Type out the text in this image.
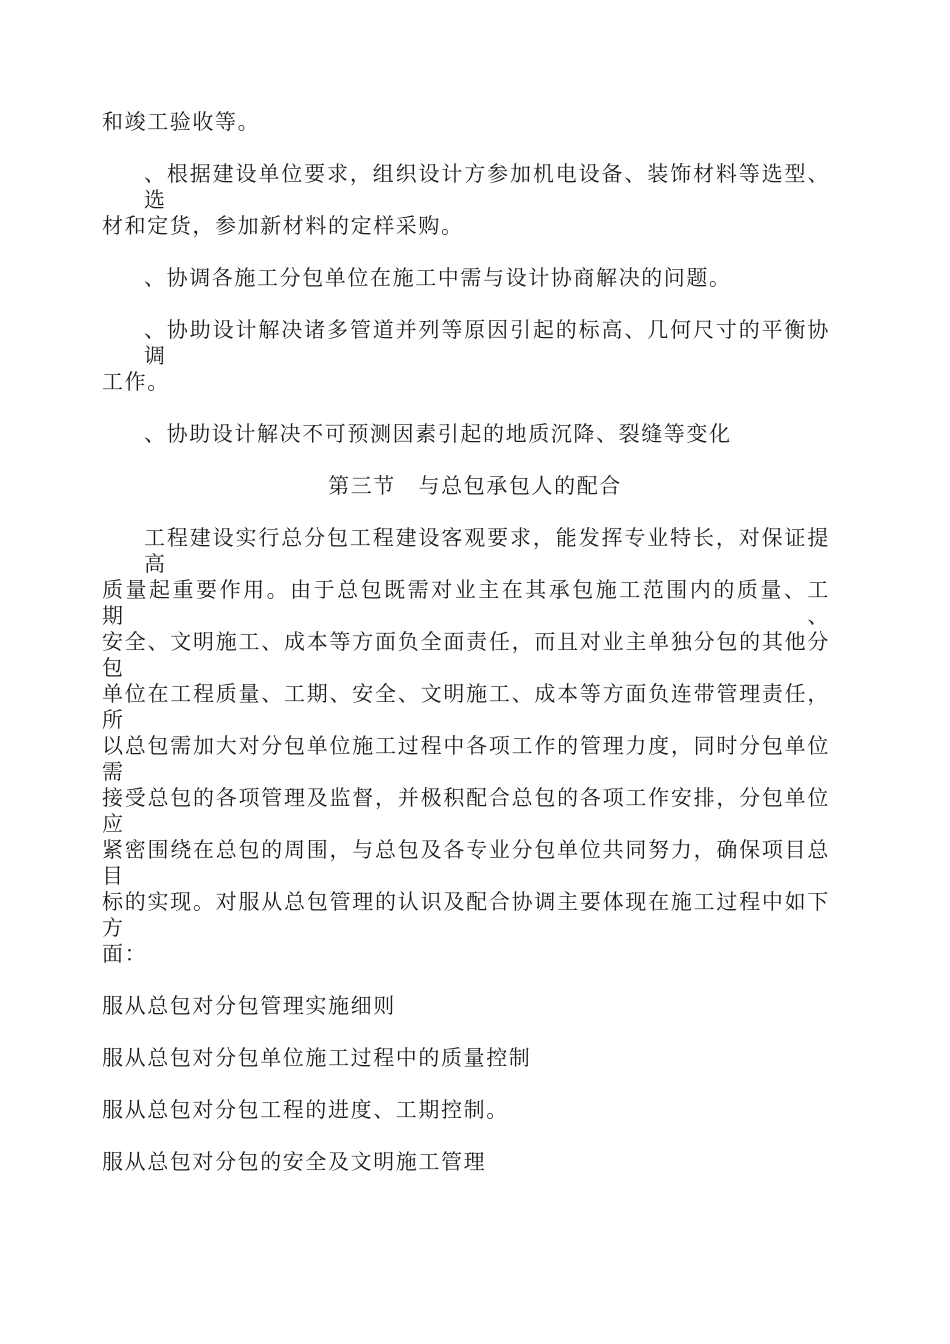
和竣工验收等。
、根据建设单位要求，组织设计方参加机电设备、装饰材料等选型、选
材和定货，参加新材料的定样采购。
、协调各施工分包单位在施工中需与设计协商解决的问题。
、协助设计解决诸多管道并列等原因引起的标高、几何尺寸的平衡协调
工作。
、协助设计解决不可预测因素引起的地质沉降、裂缝等变化
第三节　与总包承包人的配合
工程建设实行总分包工程建设客观要求，能发挥专业特长，对保证提高
质量起重要作用。由于总包既需对业主在其承包施工范围内的质量、工期、
安全、文明施工、成本等方面负全面责任，而且对业主单独分包的其他分包
单位在工程质量、工期、安全、文明施工、成本等方面负连带管理责任，所
以总包需加大对分包单位施工过程中各项工作的管理力度，同时分包单位需
接受总包的各项管理及监督，并极积配合总包的各项工作安排，分包单位应
紧密围绕在总包的周围，与总包及各专业分包单位共同努力，确保项目总目
标的实现。对服从总包管理的认识及配合协调主要体现在施工过程中如下方
面：
服从总包对分包管理实施细则
服从总包对分包单位施工过程中的质量控制
服从总包对分包工程的进度、工期控制。
服从总包对分包的安全及文明施工管理
